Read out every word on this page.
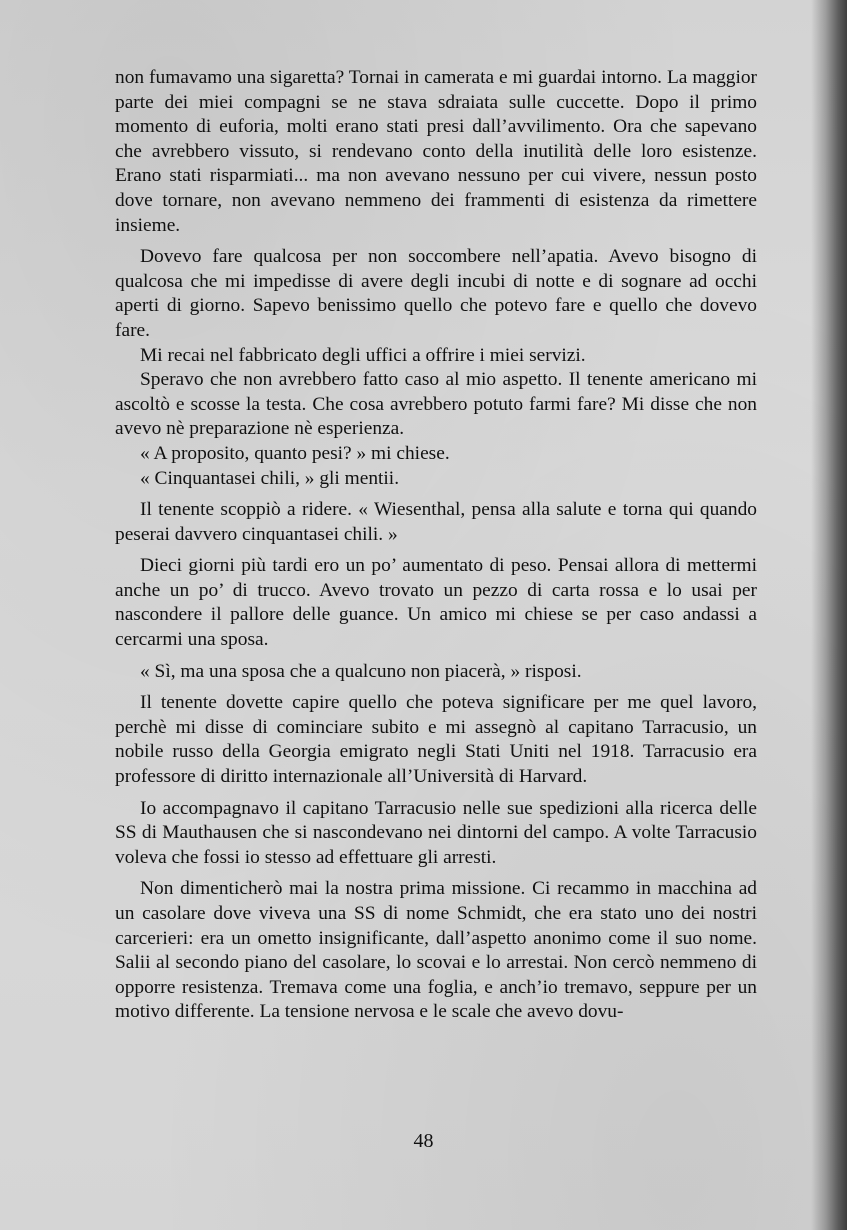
non fumavamo una sigaretta? Tornai in camerata e mi guardai intorno. La maggior parte dei miei compagni se ne stava sdraiata sulle cuccette. Dopo il primo momento di euforia, molti erano stati presi dall’avvilimento. Ora che sapevano che avrebbero vissuto, si rendevano conto della inutilità delle loro esistenze. Erano stati risparmiati... ma non avevano nessuno per cui vivere, nessun posto dove tornare, non avevano nemmeno dei frammenti di esistenza da rimettere insieme.

Dovevo fare qualcosa per non soccombere nell’apatia. Avevo bisogno di qualcosa che mi impedisse di avere degli incubi di notte e di sognare ad occhi aperti di giorno. Sapevo benissimo quello che potevo fare e quello che dovevo fare.

Mi recai nel fabbricato degli uffici a offrire i miei servizi.

Speravo che non avrebbero fatto caso al mio aspetto. Il tenente americano mi ascoltò e scosse la testa. Che cosa avrebbero potuto farmi fare? Mi disse che non avevo nè preparazione nè esperienza.

« A proposito, quanto pesi? » mi chiese.

« Cinquantasei chili, » gli mentii.

Il tenente scoppiò a ridere. « Wiesenthal, pensa alla salute e torna qui quando peserai davvero cinquantasei chili. »

Dieci giorni più tardi ero un po’ aumentato di peso. Pensai allora di mettermi anche un po’ di trucco. Avevo trovato un pezzo di carta rossa e lo usai per nascondere il pallore delle guance. Un amico mi chiese se per caso andassi a cercarmi una sposa.

« Sì, ma una sposa che a qualcuno non piacerà, » risposi.

Il tenente dovette capire quello che poteva significare per me quel lavoro, perchè mi disse di cominciare subito e mi assegnò al capitano Tarracusio, un nobile russo della Georgia emigrato negli Stati Uniti nel 1918. Tarracusio era professore di diritto internazionale all’Università di Harvard.

Io accompagnavo il capitano Tarracusio nelle sue spedizioni alla ricerca delle SS di Mauthausen che si nascondevano nei dintorni del campo. A volte Tarracusio voleva che fossi io stesso ad effettuare gli arresti.

Non dimenticherò mai la nostra prima missione. Ci recammo in macchina ad un casolare dove viveva una SS di nome Schmidt, che era stato uno dei nostri carcerieri: era un ometto insignificante, dall’aspetto anonimo come il suo nome. Salii al secondo piano del casolare, lo scovai e lo arrestai. Non cercò nemmeno di opporre resistenza. Tremava come una foglia, e anch’io tremavo, seppure per un motivo differente. La tensione nervosa e le scale che avevo dovu-

48
